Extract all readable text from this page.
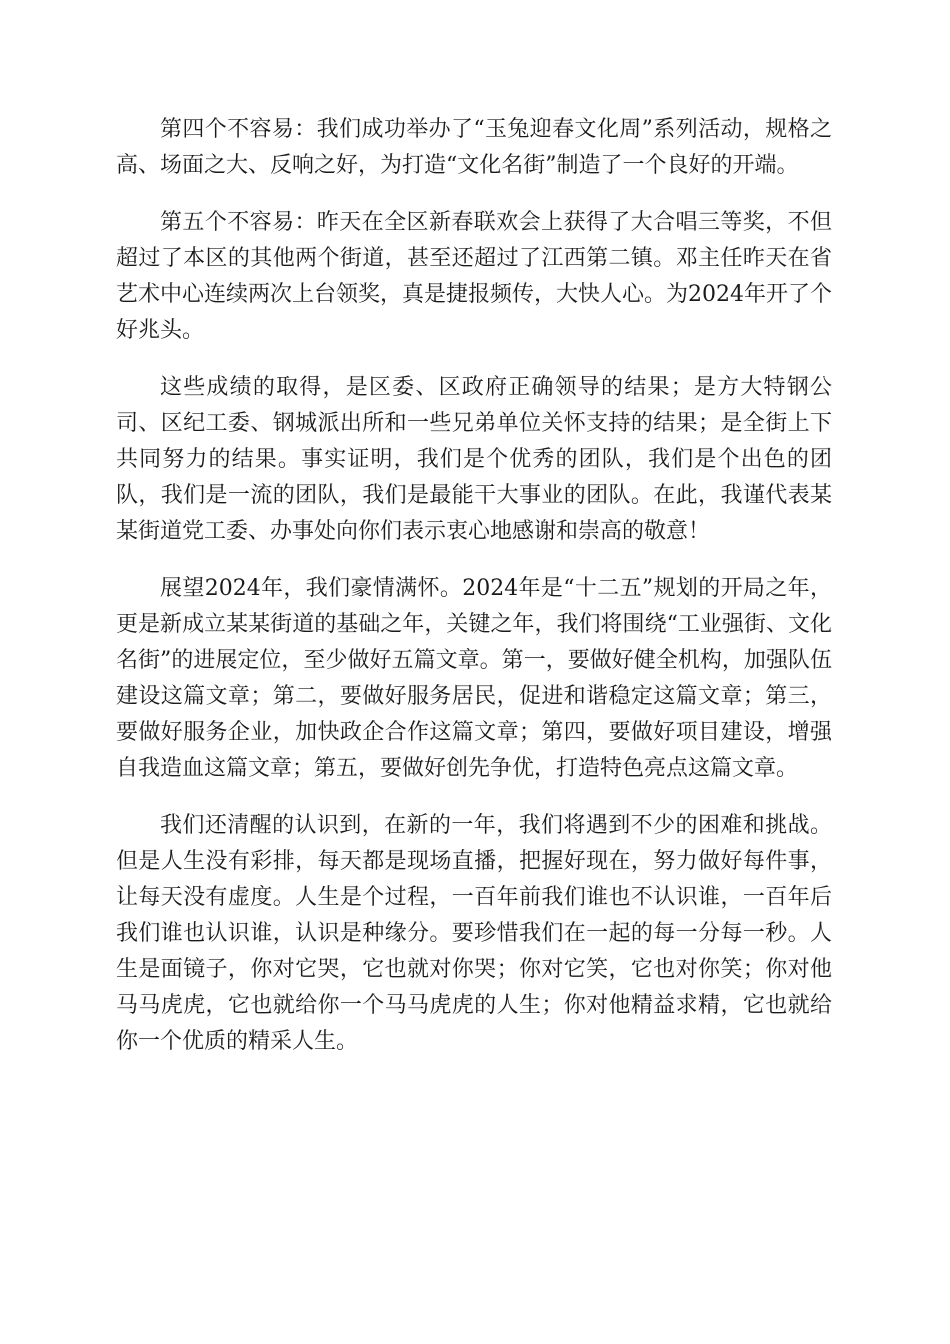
第四个不容易：我们成功举办了“玉兔迎春文化周”系列活动，规格之高、场面之大、反响之好，为打造“文化名街”制造了一个良好的开端。

第五个不容易：昨天在全区新春联欢会上获得了大合唱三等奖，不但超过了本区的其他两个街道，甚至还超过了江西第二镇。邓主任昨天在省艺术中心连续两次上台领奖，真是捷报频传，大快人心。为2024年开了个好兆头。

这些成绩的取得，是区委、区政府正确领导的结果；是方大特钢公司、区纪工委、钢城派出所和一些兄弟单位关怀支持的结果；是全街上下共同努力的结果。事实证明，我们是个优秀的团队，我们是个出色的团队，我们是一流的团队，我们是最能干大事业的团队。在此，我谨代表某某街道党工委、办事处向你们表示衷心地感谢和崇高的敬意！

展望2024年，我们豪情满怀。2024年是“十二五”规划的开局之年，更是新成立某某街道的基础之年，关键之年，我们将围绕“工业强街、文化名街”的进展定位，至少做好五篇文章。第一，要做好健全机构，加强队伍建设这篇文章；第二，要做好服务居民，促进和谐稳定这篇文章；第三，要做好服务企业，加快政企合作这篇文章；第四，要做好项目建设，增强自我造血这篇文章；第五，要做好创先争优，打造特色亮点这篇文章。

我们还清醒的认识到，在新的一年，我们将遇到不少的困难和挑战。但是人生没有彩排，每天都是现场直播，把握好现在，努力做好每件事，让每天没有虚度。人生是个过程，一百年前我们谁也不认识谁，一百年后我们谁也认识谁，认识是种缘分。要珍惜我们在一起的每一分每一秒。人生是面镜子，你对它哭，它也就对你哭；你对它笑，它也对你笑；你对他马马虎虎，它也就给你一个马马虎虎的人生；你对他精益求精，它也就给你一个优质的精采人生。
